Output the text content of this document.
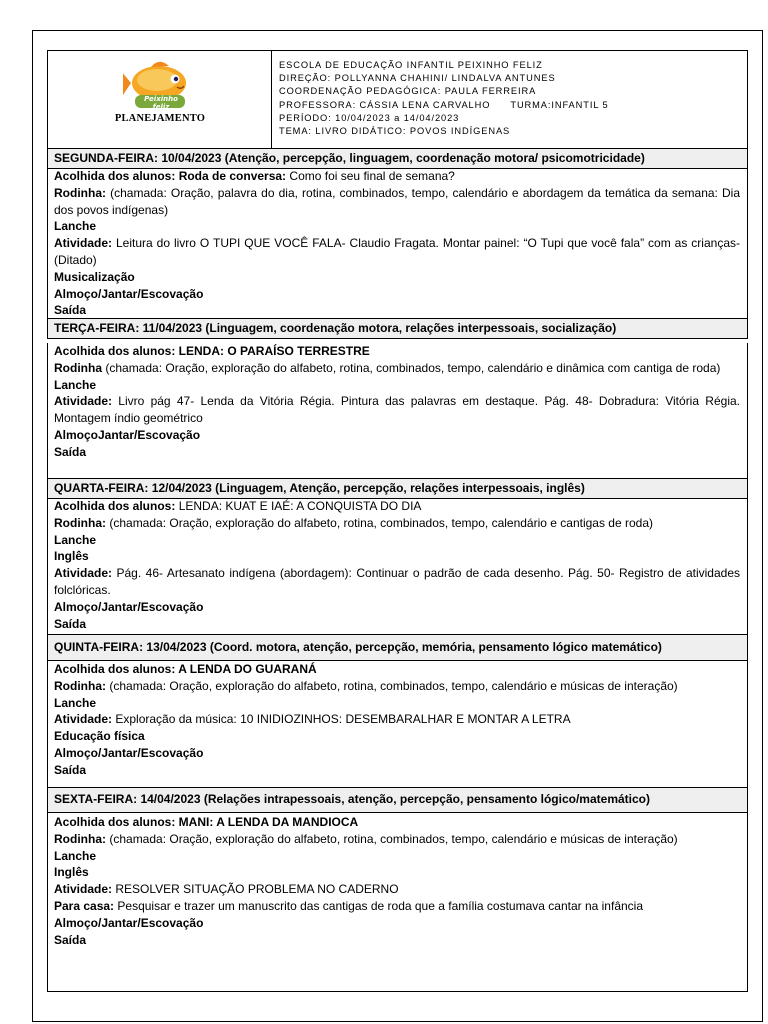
Peixinho feliz
PLANEJAMENTO
ESCOLA DE EDUCAÇÃO INFANTIL PEIXINHO FELIZ
DIREÇÃO: POLLYANNA CHAHINI/ LINDALVA ANTUNES
COORDENAÇÃO PEDAGÓGICA: PAULA FERREIRA
PROFESSORA: CÁSSIA LENA CARVALHO TURMA:INFANTIL 5
PERÍODO: 10/04/2023 a 14/04/2023
TEMA: LIVRO DIDÁTICO: POVOS INDÍGENAS
SEGUNDA-FEIRA: 10/04/2023 (Atenção, percepção, linguagem, coordenação motora/ psicomotricidade)
Acolhida dos alunos: Roda de conversa: Como foi seu final de semana?
Rodinha: (chamada: Oração, palavra do dia, rotina, combinados, tempo, calendário e abordagem da temática da semana: Dia dos povos indígenas)
Lanche
Atividade: Leitura do livro O TUPI QUE VOCÊ FALA- Claudio Fragata. Montar painel: “O Tupi que você fala” com as crianças- (Ditado)
Musicalização
Almoço/Jantar/Escovação
Saída
TERÇA-FEIRA: 11/04/2023 (Linguagem, coordenação motora, relações interpessoais, socialização)
Acolhida dos alunos: LENDA: O PARAÍSO TERRESTRE
Rodinha (chamada: Oração, exploração do alfabeto, rotina, combinados, tempo, calendário e dinâmica com cantiga de roda)
Lanche
Atividade: Livro pág 47- Lenda da Vitória Régia. Pintura das palavras em destaque. Pág. 48- Dobradura: Vitória Régia. Montagem índio geométrico
AlmoçoJantar/Escovação
Saída
QUARTA-FEIRA: 12/04/2023 (Linguagem, Atenção, percepção, relações interpessoais, inglês)
Acolhida dos alunos: LENDA: KUAT E IAÉ: A CONQUISTA DO DIA
Rodinha: (chamada: Oração, exploração do alfabeto, rotina, combinados, tempo, calendário e cantigas de roda)
Lanche
Inglês
Atividade: Pág. 46- Artesanato indígena (abordagem): Continuar o padrão de cada desenho. Pág. 50- Registro de atividades folclóricas.
Almoço/Jantar/Escovação
Saída
QUINTA-FEIRA: 13/04/2023 (Coord. motora, atenção, percepção, memória, pensamento lógico matemático)
Acolhida dos alunos: A LENDA DO GUARANÁ
Rodinha: (chamada: Oração, exploração do alfabeto, rotina, combinados, tempo, calendário e músicas de interação)
Lanche
Atividade: Exploração da música: 10 INIDIOZINHOS: DESEMBARALHAR E MONTAR A LETRA
Educação física
Almoço/Jantar/Escovação
Saída
SEXTA-FEIRA: 14/04/2023 (Relações intrapessoais, atenção, percepção, pensamento lógico/matemático)
Acolhida dos alunos: MANI: A LENDA DA MANDIOCA
Rodinha: (chamada: Oração, exploração do alfabeto, rotina, combinados, tempo, calendário e músicas de interação)
Lanche
Inglês
Atividade: RESOLVER SITUAÇÃO PROBLEMA NO CADERNO
Para casa: Pesquisar e trazer um manuscrito das cantigas de roda que a família costumava cantar na infância
Almoço/Jantar/Escovação
Saída
